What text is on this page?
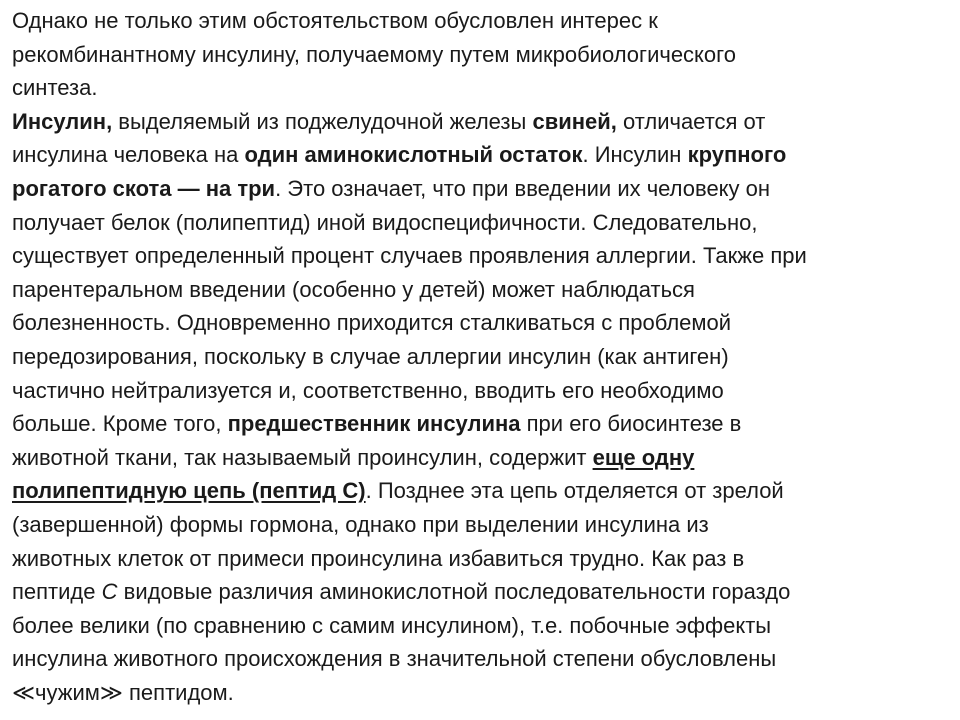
Однако не только этим обстоятельством обусловлен интерес к
рекомбинантному инсулину, получаемому путем микробиологического
синтеза.
Инсулин, выделяемый из поджелудочной железы свиней, отличается от
инсулина человека на один аминокислотный остаток. Инсулин крупного
рогатого скота — на три. Это означает, что при введении их человеку он
получает белок (полипептид) иной видоспецифичности. Следовательно,
существует определенный процент случаев проявления аллергии. Также при
парентеральном введении (особенно у детей) может наблюдаться
болезненность. Одновременно приходится сталкиваться с проблемой
передозирования, поскольку в случае аллергии инсулин (как антиген)
частично нейтрализуется и, соответственно, вводить его необходимо
больше. Кроме того, предшественник инсулина при его биосинтезе в
животной ткани, так называемый проинсулин, содержит еще одну
полипептидную цепь (пептид С). Позднее эта цепь отделяется от зрелой
(завершенной) формы гормона, однако при выделении инсулина из
животных клеток от примеси проинсулина избавиться трудно. Как раз в
пептиде С видовые различия аминокислотной последовательности гораздо
более велики (по сравнению с самим инсулином), т.е. побочные эффекты
инсулина животного происхождения в значительной степени обусловлены
≪чужим≫ пептидом.
